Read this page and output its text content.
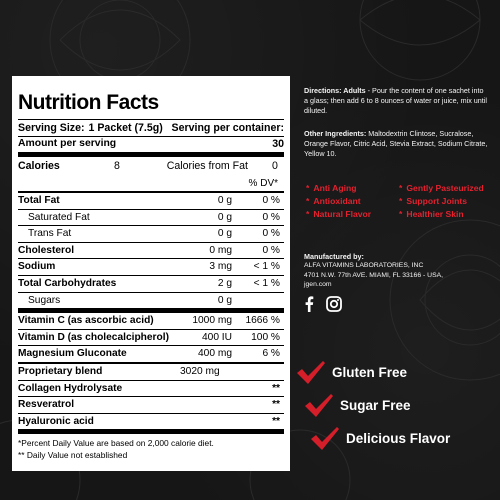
Nutrition Facts
Serving Size: 1 Packet (7.5g) Serving per container: 30
Amount per serving
Calories	8	Calories from Fat	0
% DV*
Total Fat	0 g	0 %
Saturated Fat	0 g	0 %
Trans Fat	0 g	0 %
Cholesterol	0 mg	0 %
Sodium	3 mg	< 1 %
Total Carbohydrates	2 g	< 1 %
Sugars	0 g
Vitamin C (as ascorbic acid)	1000 mg	1666 %
Vitamin D (as cholecalcipherol)	400 IU	100 %
Magnesium Gluconate	400 mg	6 %
Proprietary blend	3020 mg
Collagen Hydrolysate	**
Resveratrol	**
Hyaluronic acid	**
*Percent Daily Value are based on 2,000 calorie diet.
** Daily Value not established
Directions: Adults - Pour the content of one sachet into a glass; then add 6 to 8 ounces of water or juice, mix until diluted.
Other Ingredients: Maltodextrin Clintose, Sucralose, Orange Flavor, Citric Acid, Stevia Extract, Sodium Citrate, Yellow 10.
* Anti Aging	* Gently Pasteurized
* Antioxidant	* Support Joints
* Natural Flavor	* Healthier Skin
Manufactured by:
ALFA VITAMINS LABORATORIES, INC
4701 N.W. 77th AVE. MIAMI, FL 33166 - USA,
jgen.com
Gluten Free
Sugar Free
Delicious Flavor
